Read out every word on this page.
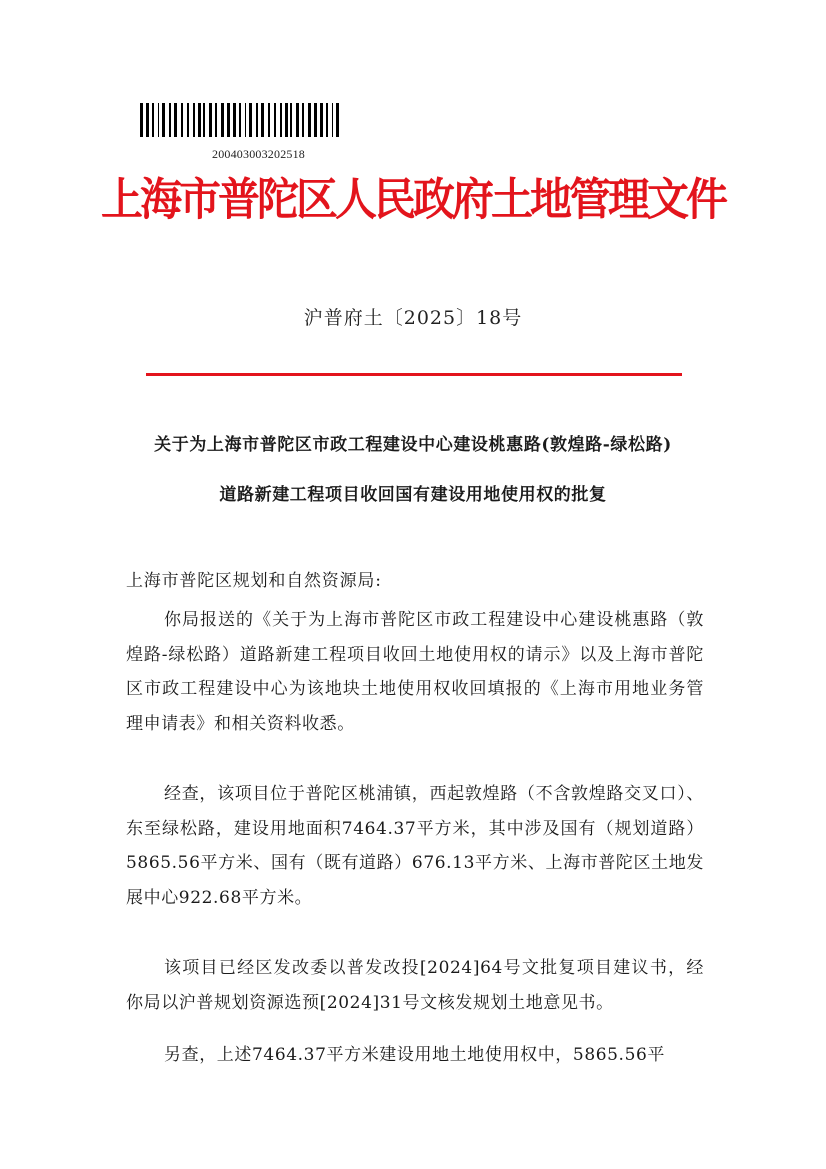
200403003202518
上海市普陀区人民政府土地管理文件
沪普府土〔2025〕18号
关于为上海市普陀区市政工程建设中心建设桃惠路(敦煌路-绿松路)
道路新建工程项目收回国有建设用地使用权的批复
上海市普陀区规划和自然资源局:

你局报送的《关于为上海市普陀区市政工程建设中心建设桃惠路（敦煌路-绿松路）道路新建工程项目收回土地使用权的请示》以及上海市普陀区市政工程建设中心为该地块土地使用权收回填报的《上海市用地业务管理申请表》和相关资料收悉。

经查，该项目位于普陀区桃浦镇，西起敦煌路（不含敦煌路交叉口）、东至绿松路，建设用地面积7464.37平方米，其中涉及国有（规划道路）5865.56平方米、国有（既有道路）676.13平方米、上海市普陀区土地发展中心922.68平方米。

该项目已经区发改委以普发改投[2024]64号文批复项目建议书，经你局以沪普规划资源选预[2024]31号文核发规划土地意见书。

另查，上述7464.37平方米建设用地土地使用权中，5865.56平
